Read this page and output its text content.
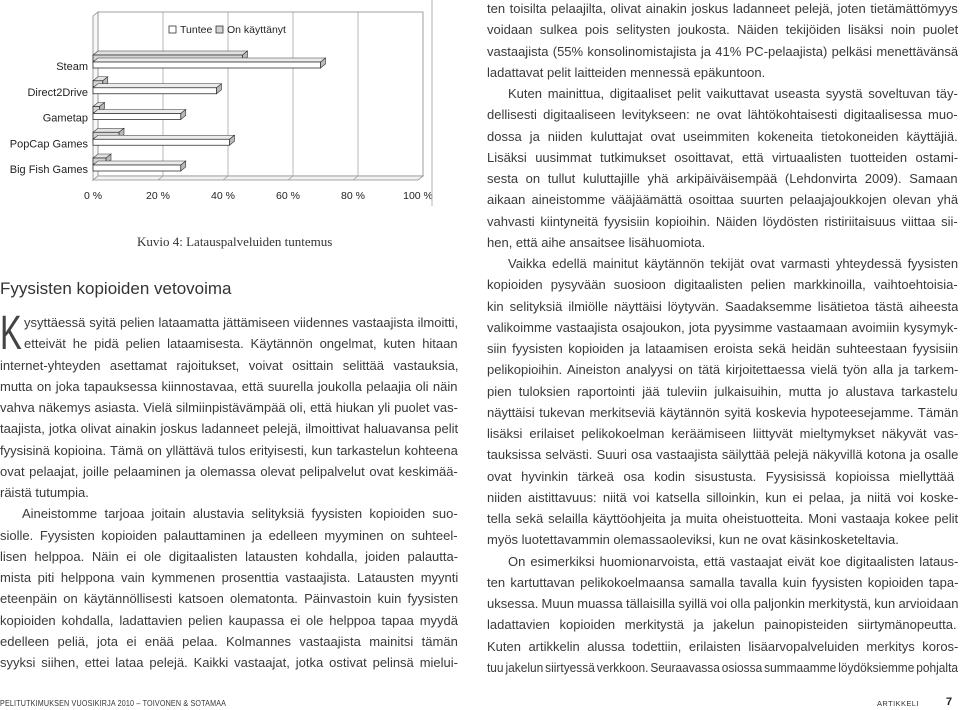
0 %	20 %	40 %	60 %	80 %	100 %
Steam
Direct2Drive
Gametap
PopCap Games
Big Fish Games
Tuntee On käyttänyt
Kuvio 4: Latauspalveluiden tuntemus
Fyysisten kopioiden vetovoima
K ysyttäessä syitä pelien lataamatta jättämiseen viidennes vastaajista ilmoitti,
etteivät he pidä pelien lataamisesta. Käytännön ongelmat, kuten hitaan
internet-yhteyden asettamat rajoitukset, voivat osittain selittää vastauksia,
mutta on joka tapauksessa kiinnostavaa, että suurella joukolla pelaajia oli näin
vahva näkemys asiasta. Vielä silmiinpistävämpää oli, että hiukan yli puolet vas-
taajista, jotka olivat ainakin joskus ladanneet pelejä, ilmoittivat haluavansa pelit
fyysisinä kopioina. Tämä on yllättävä tulos erityisesti, kun tarkastelun kohteena
ovat pelaajat, joille pelaaminen ja olemassa olevat pelipalvelut ovat keskimää-
räistä tutumpia.
Aineistomme tarjoaa joitain alustavia selityksiä fyysisten kopioiden suo-
siolle. Fyysisten kopioiden palauttaminen ja edelleen myyminen on suhteel-
lisen helppoa. Näin ei ole digitaalisten latausten kohdalla, joiden palautta-
mista piti helppona vain kymmenen prosenttia vastaajista. Latausten myynti
eteenpäin on käytännöllisesti katsoen olematonta. Päinvastoin kuin fyysisten
kopioiden kohdalla, ladattavien pelien kaupassa ei ole helppoa tapaa myydä
edelleen peliä, jota ei enää pelaa. Kolmannes vastaajista mainitsi tämän
syyksi siihen, ettei lataa pelejä. Kaikki vastaajat, jotka ostivat pelinsä mielui-
ten toisilta pelaajilta, olivat ainakin joskus ladanneet pelejä, joten tietämättömyys
voidaan sulkea pois selitysten joukosta. Näiden tekijöiden lisäksi noin puolet
vastaajista (55% konsolinomistajista ja 41% PC-pelaajista) pelkäsi menettävänsä
ladattavat pelit laitteiden mennessä epäkuntoon.
Kuten mainittua, digitaaliset pelit vaikuttavat useasta syystä soveltuvan täy-
dellisesti digitaaliseen levitykseen: ne ovat lähtökohtaisesti digitaalisessa muo-
dossa ja niiden kuluttajat ovat useimmiten kokeneita tietokoneiden käyttäjiä.
Lisäksi uusimmat tutkimukset osoittavat, että virtuaalisten tuotteiden ostami-
sesta on tullut kuluttajille yhä arkipäiväisempää (Lehdonvirta 2009). Samaan
aikaan aineistomme vääjäämättä osoittaa suurten pelaajajoukkojen olevan yhä
vahvasti kiintyneitä fyysisiin kopioihin. Näiden löydösten ristiriitaisuus viittaa sii-
hen, että aihe ansaitsee lisähuomiota.
Vaikka edellä mainitut käytännön tekijät ovat varmasti yhteydessä fyysisten
kopioiden pysyvään suosioon digitaalisten pelien markkinoilla, vaihtoehtoisia-
kin selityksiä ilmiölle näyttäisi löytyvän. Saadaksemme lisätietoa tästä aiheesta
valikoimme vastaajista osajoukon, jota pyysimme vastaamaan avoimiin kysymyk-
siin fyysisten kopioiden ja lataamisen eroista sekä heidän suhteestaan fyysisiin
pelikopioihin. Aineiston analyysi on tätä kirjoitettaessa vielä työn alla ja tarkem-
pien tuloksien raportointi jää tuleviin julkaisuihin, mutta jo alustava tarkastelu
näyttäisi tukevan merkitseviä käytännön syitä koskevia hypoteesejamme. Tämän
lisäksi erilaiset pelikokoelman keräämiseen liittyvät mieltymykset näkyvät vas-
tauksissa selvästi. Suuri osa vastaajista säilyttää pelejä näkyvillä kotona ja osalle
ovat hyvinkin tärkeä osa kodin sisustusta. Fyysisissä kopioissa miellyttää
niiden aistittavuus: niitä voi katsella silloinkin, kun ei pelaa, ja niitä voi koske-
tella sekä selailla käyttöohjeita ja muita oheistuotteita. Moni vastaaja kokee pelit
myös luotettavammin olemassaoleviksi, kun ne ovat käsinkosketeltavia.
On esimerkiksi huomionarvoista, että vastaajat eivät koe digitaalisten lataus-
ten kartuttavan pelikokoelmaansa samalla tavalla kuin fyysisten kopioiden tapa-
uksessa. Muun muassa tällaisilla syillä voi olla paljonkin merkitystä, kun arvioidaan
ladattavien kopioiden merkitystä ja jakelun painopisteiden siirtymänopeutta.
Kuten artikkelin alussa todettiin, erilaisten lisäarvopalveluiden merkitys koros-
tuu jakelun siirtyessä verkkoon. Seuraavassa osiossa summaamme löydöksiemme pohjalta
PELITUTKIMUKSEN VUOSIKIRJA 2010 – TOIVONEN & SOTAMAA	ARTIKKELI 7
